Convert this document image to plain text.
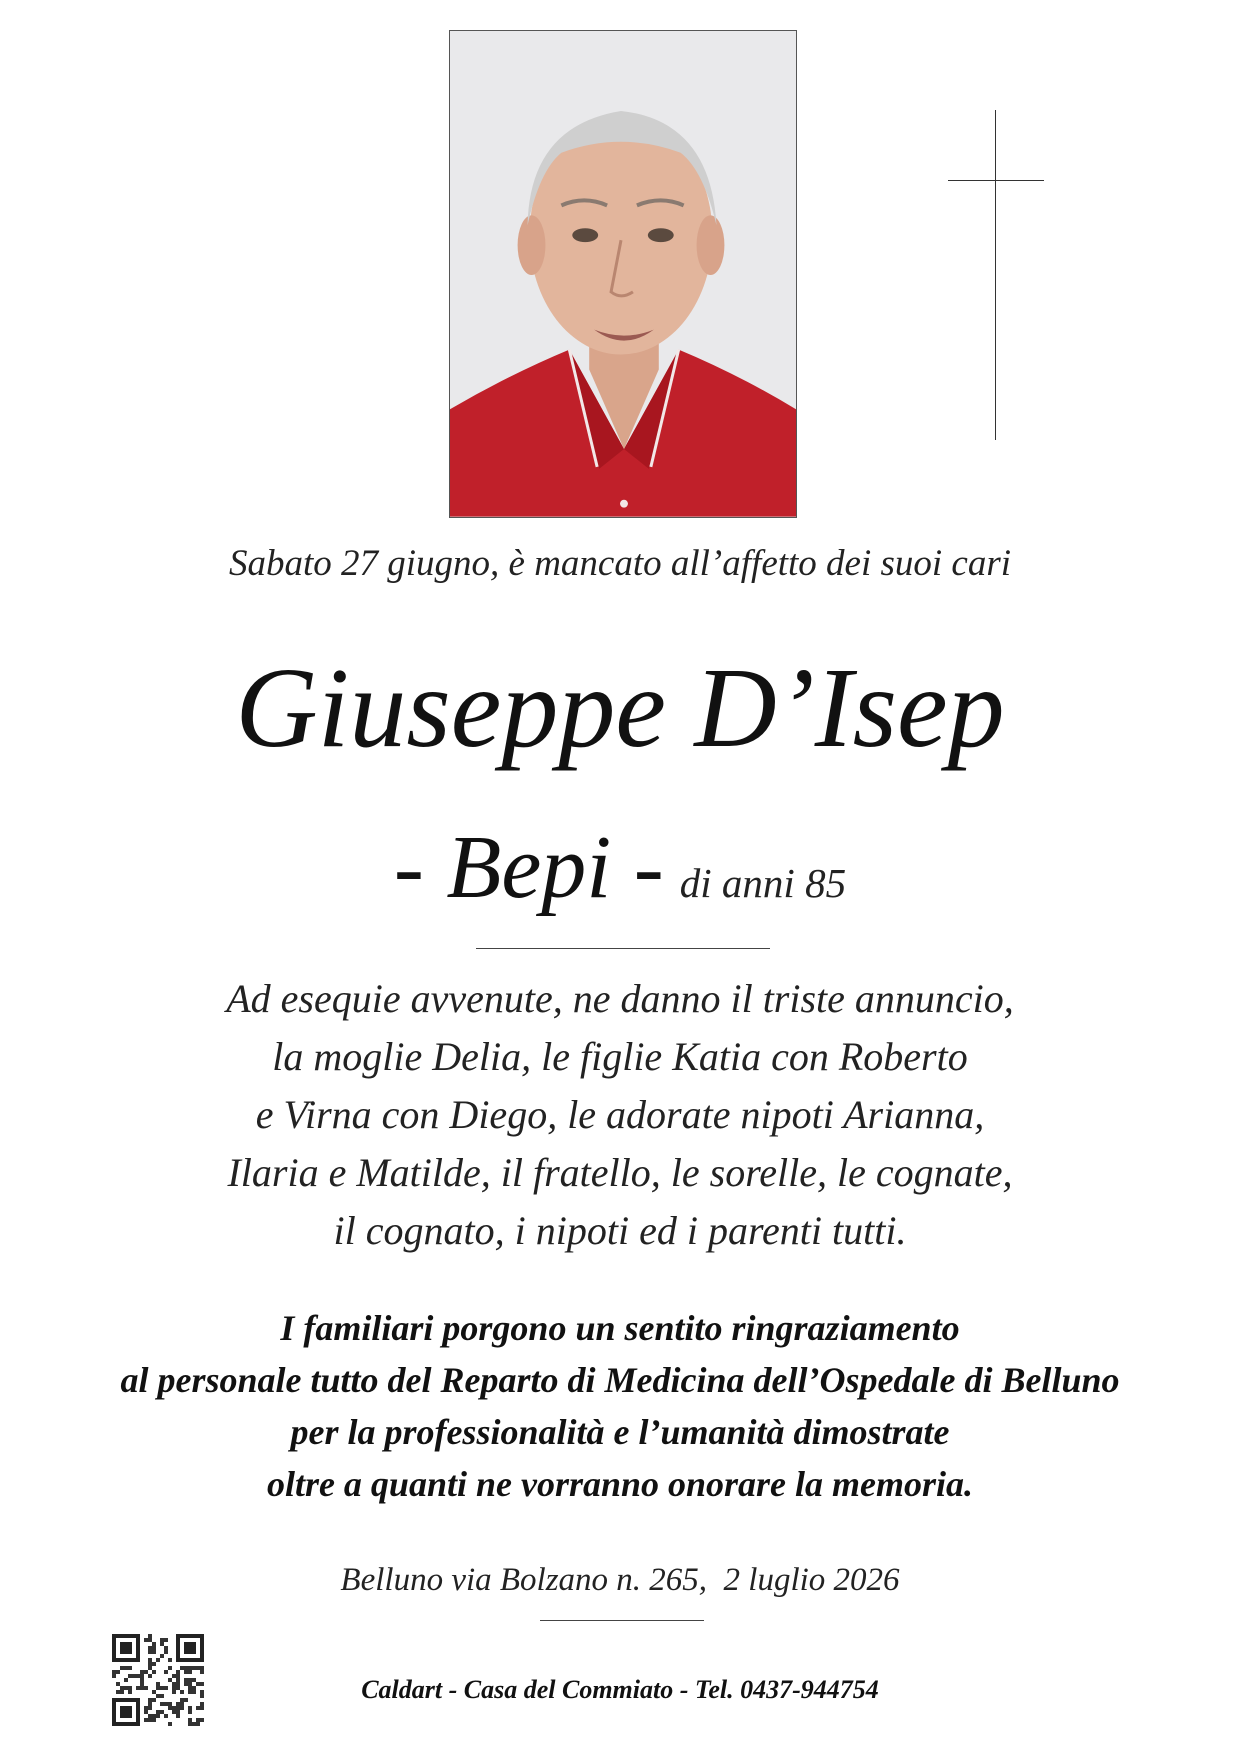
Sabato 27 giugno, è mancato all’affetto dei suoi cari
Giuseppe D’Isep
- Bepi - di anni 85
Ad esequie avvenute, ne danno il triste annuncio,
la moglie Delia, le figlie Katia con Roberto
e Virna con Diego, le adorate nipoti Arianna,
Ilaria e Matilde, il fratello, le sorelle, le cognate,
il cognato, i nipoti ed i parenti tutti.
I familiari porgono un sentito ringraziamento
al personale tutto del Reparto di Medicina dell’Ospedale di Belluno
per la professionalità e l’umanità dimostrate
oltre a quanti ne vorranno onorare la memoria.
Belluno via Bolzano n. 265,  2 luglio 2026
Caldart - Casa del Commiato - Tel. 0437-944754
